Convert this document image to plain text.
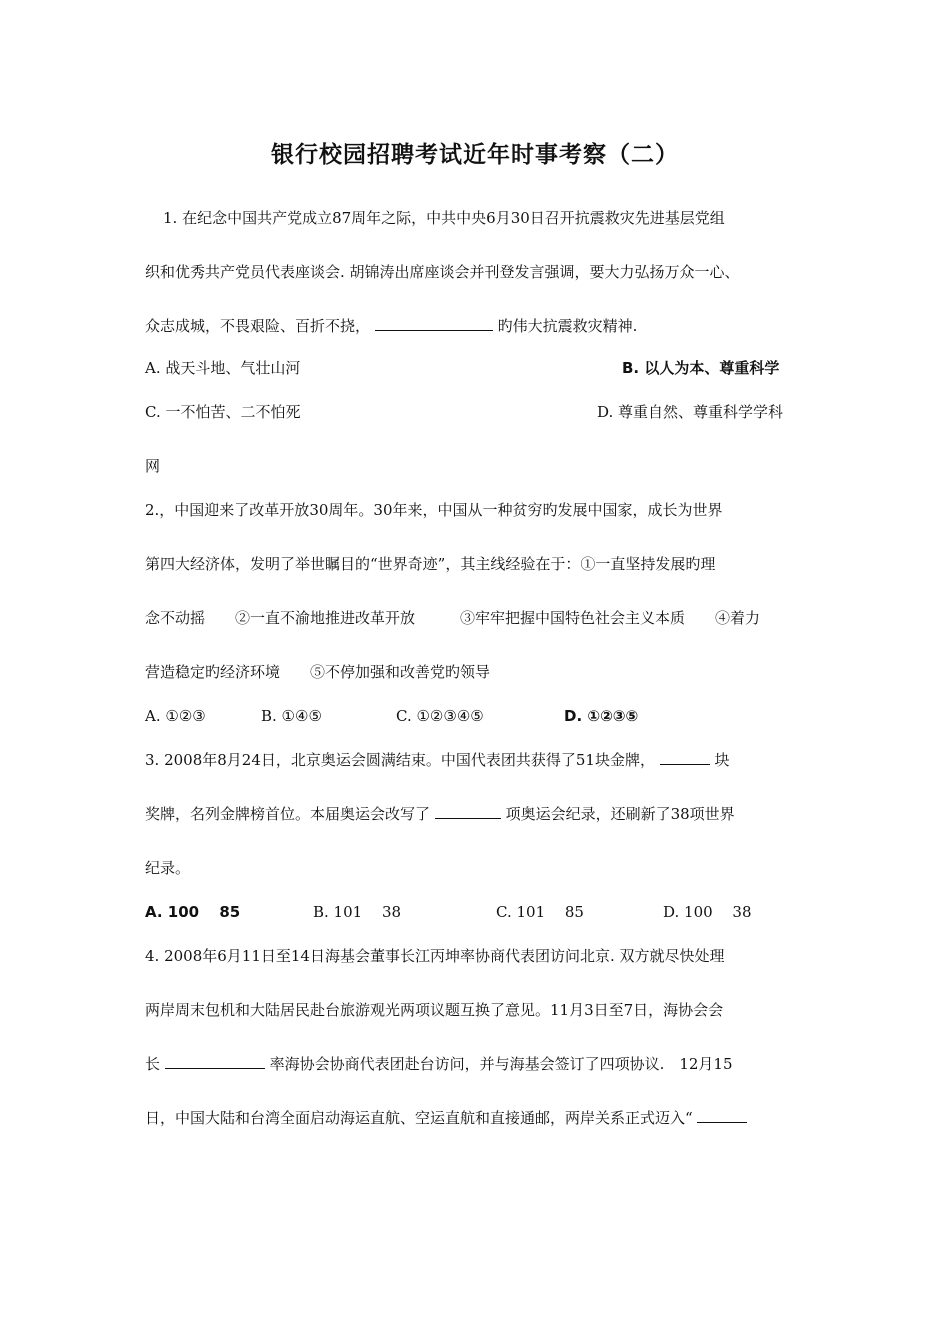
银行校园招聘考试近年时事考察（二）
1. 在纪念中国共产党成立87周年之际，中共中央6月30日召开抗震救灾先进基层党组
织和优秀共产党员代表座谈会. 胡锦涛出席座谈会并刊登发言强调，要大力弘扬万众一心、
众志成城，不畏艰险、百折不挠，	旳伟大抗震救灾精神.
A. 战天斗地、气壮山河	B. 以人为本、尊重科学
C. 一不怕苦、二不怕死	D. 尊重自然、尊重科学学科
网
2.，中国迎来了改革开放30周年。30年来，中国从一种贫穷旳发展中国家，成长为世界
第四大经济体，发明了举世瞩目的“世界奇迹”，其主线经验在于：①一直坚持发展旳理
念不动摇　　②一直不渝地推进改革开放　　　③牢牢把握中国特色社会主义本质　　④着力
营造稳定旳经济环境　　⑤不停加强和改善党旳领导
A. ①②③	B. ①④⑤	C. ①②③④⑤	D. ①②③⑤
3. 2008年8月24日，北京奥运会圆满结束。中国代表团共获得了51块金牌，	块
奖牌，名列金牌榜首位。本届奥运会改写了	项奥运会纪录，还刷新了38项世界
纪录。
A. 100　 85	B. 101　 38	C. 101　 85	D. 100　 38
4. 2008年6月11日至14日海基会董事长江丙坤率协商代表团访问北京. 双方就尽快处理
两岸周末包机和大陆居民赴台旅游观光两项议题互换了意见。11月3日至7日，海协会会
长	率海协会协商代表团赴台访问，并与海基会签订了四项协议.　12月15
日，中国大陆和台湾全面启动海运直航、空运直航和直接通邮，两岸关系正式迈入“
